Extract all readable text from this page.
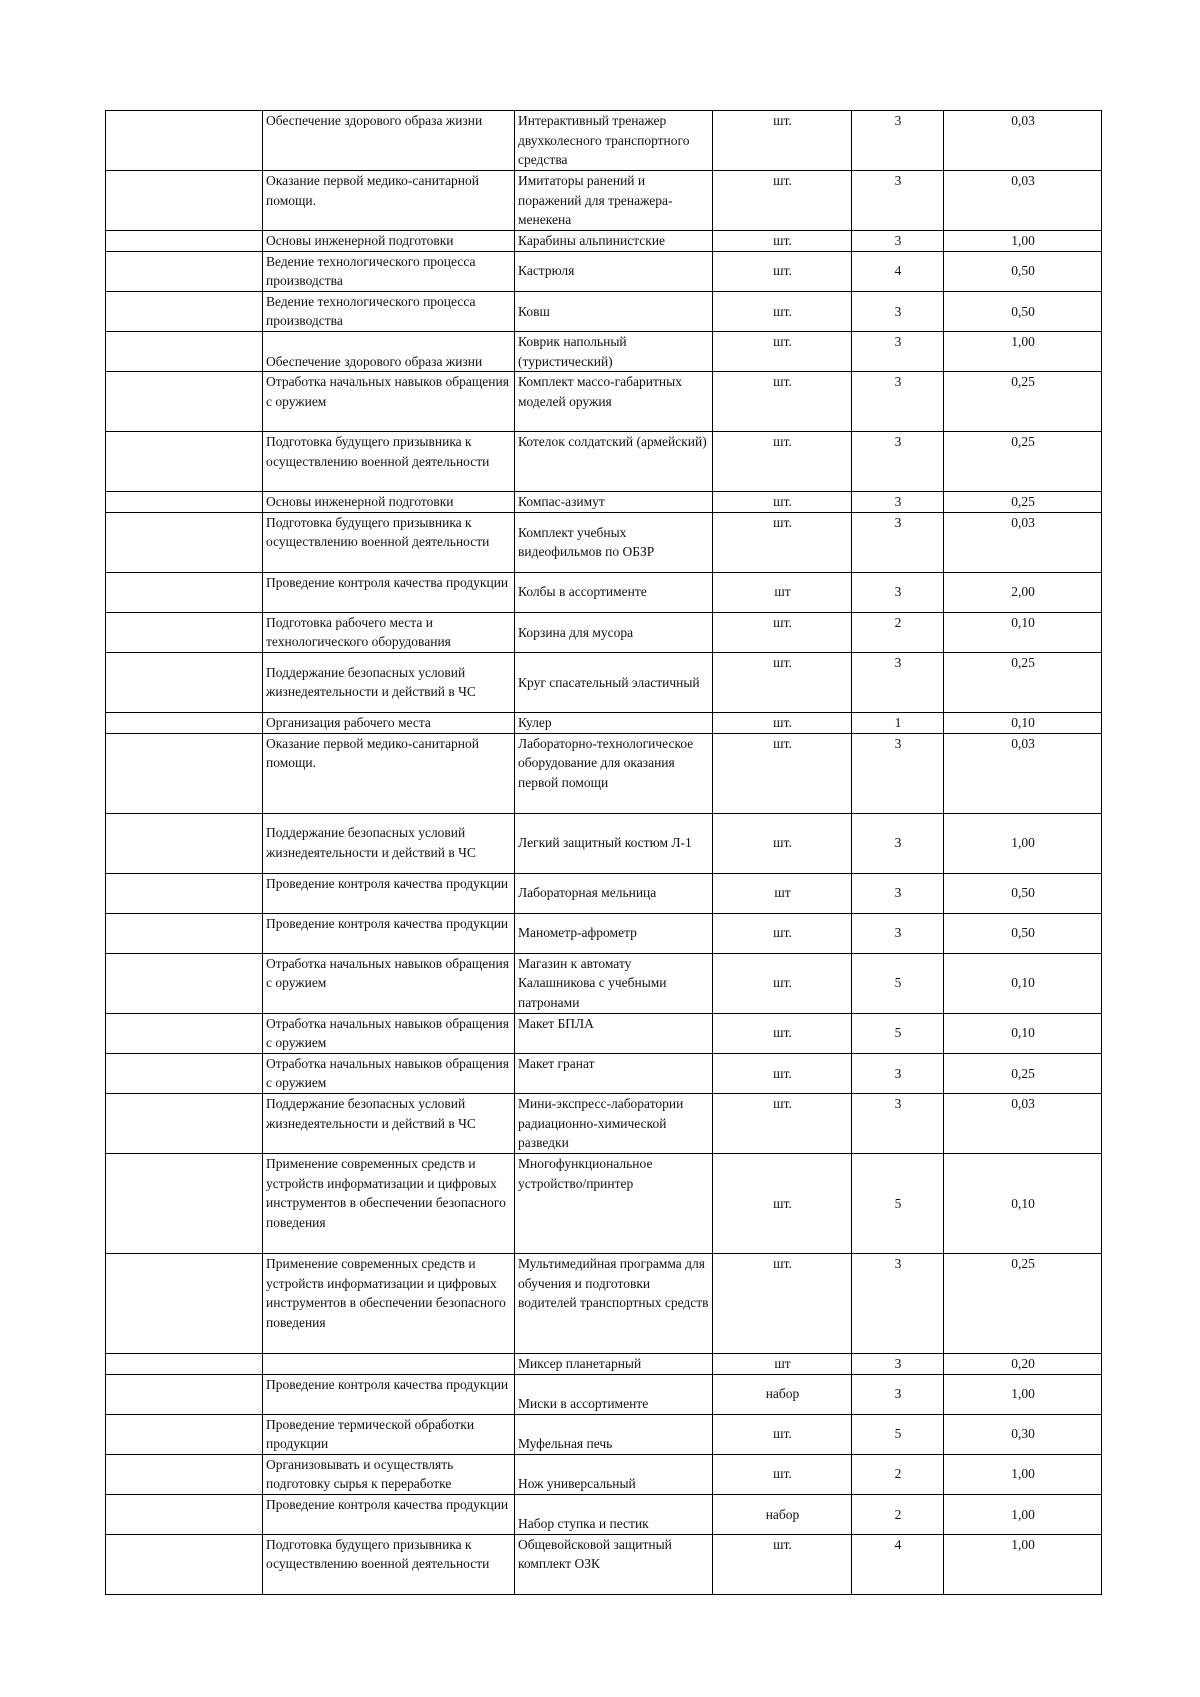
	Обеспечение здорового образа жизни	Интерактивный тренажер двухколесного транспортного средства	шт.	3	0,03
	Оказание первой медико-санитарной помощи.	Имитаторы ранений и поражений для тренажера-менекена	шт.	3	0,03
	Основы инженерной подготовки	Карабины альпинистские	шт.	3	1,00
	Ведение технологического процесса производства	Кастрюля	шт.	4	0,50
	Ведение технологического процесса производства	Ковш	шт.	3	0,50
	Обеспечение здорового образа жизни	Коврик напольный (туристический)	шт.	3	1,00
	Отработка начальных навыков обращения с оружием	Комплект массо-габаритных моделей оружия	шт.	3	0,25
	Подготовка будущего призывника к осуществлению военной деятельности	Котелок солдатский (армейский)	шт.	3	0,25
	Основы инженерной подготовки	Компас-азимут	шт.	3	0,25
	Подготовка будущего призывника к осуществлению военной деятельности	Комплект учебных видеофильмов по ОБЗР	шт.	3	0,03
	Проведение контроля качества продукции	Колбы в ассортименте	шт	3	2,00
	Подготовка рабочего места и технологического оборудования	Корзина для мусора	шт.	2	0,10
	Поддержание безопасных условий жизнедеятельности и действий в ЧС	Круг спасательный эластичный	шт.	3	0,25
	Организация рабочего места	Кулер	шт.	1	0,10
	Оказание первой медико-санитарной помощи.	Лабораторно-технологическое оборудование для оказания первой помощи	шт.	3	0,03
	Поддержание безопасных условий жизнедеятельности и действий в ЧС	Легкий защитный костюм Л-1	шт.	3	1,00
	Проведение контроля качества продукции	Лабораторная мельница	шт	3	0,50
	Проведение контроля качества продукции	Манометр-афрометр	шт.	3	0,50
	Отработка начальных навыков обращения с оружием	Магазин к автомату Калашникова с учебными патронами	шт.	5	0,10
	Отработка начальных навыков обращения с оружием	Макет БПЛА	шт.	5	0,10
	Отработка начальных навыков обращения с оружием	Макет гранат	шт.	3	0,25
	Поддержание безопасных условий жизнедеятельности и действий в ЧС	Мини-экспресс-лаборатории радиационно-химической разведки	шт.	3	0,03
	Применение современных средств и устройств информатизации и цифровых инструментов в обеспечении безопасного поведения	Многофункциональное устройство/принтер	шт.	5	0,10
	Применение современных средств и устройств информатизации и цифровых инструментов в обеспечении безопасного поведения	Мультимедийная программа для обучения и подготовки водителей транспортных средств	шт.	3	0,25
		Миксер планетарный	шт	3	0,20
	Проведение контроля качества продукции	Миски в ассортименте	набор	3	1,00
	Проведение термической обработки продукции	Муфельная печь	шт.	5	0,30
	Организовывать и осуществлять подготовку сырья к переработке	Нож универсальный	шт.	2	1,00
	Проведение контроля качества продукции	Набор ступка и пестик	набор	2	1,00
	Подготовка будущего призывника к осуществлению военной деятельности	Общевойсковой защитный комплект ОЗК	шт.	4	1,00
